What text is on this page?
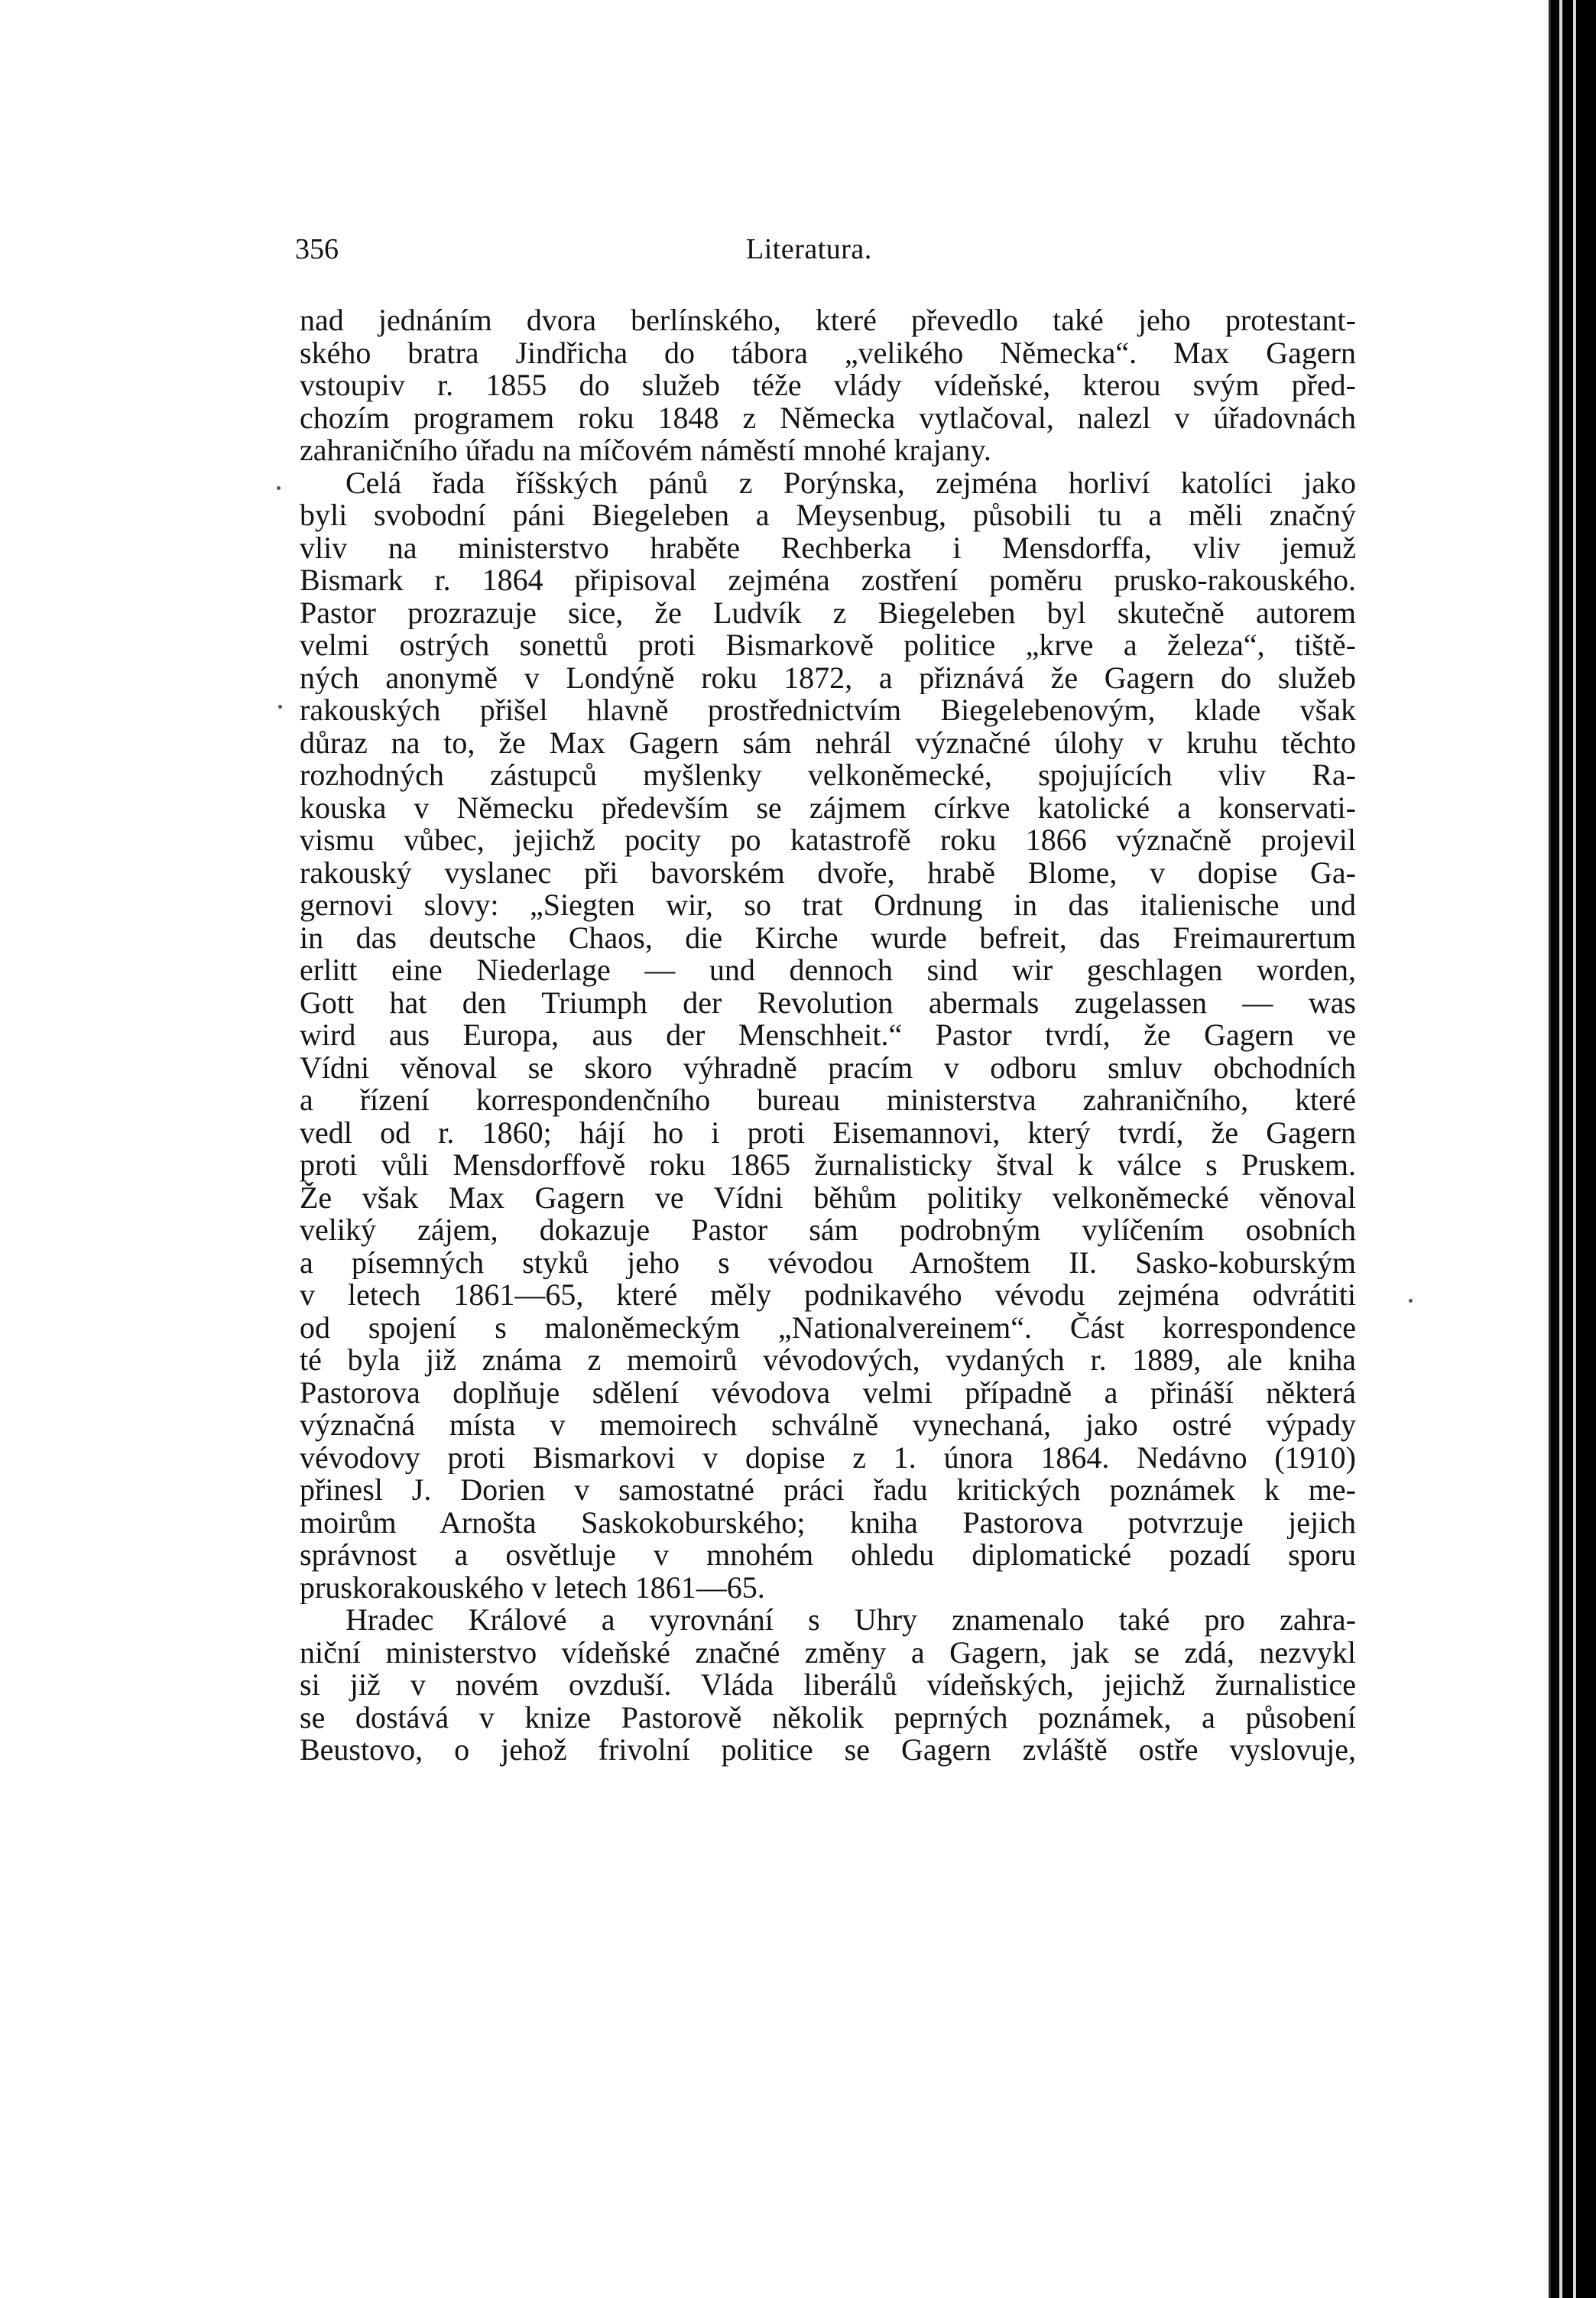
356	Literatura.
nad jednáním dvora berlínského, které převedlo také jeho protestant-
ského bratra Jindřicha do tábora „velikého Německa“. Max Gagern
vstoupiv r. 1855 do služeb téže vlády vídeňské, kterou svým před-
chozím programem roku 1848 z Německa vytlačoval, nalezl v úřadovnách
zahraničního úřadu na míčovém náměstí mnohé krajany.
Celá řada říšských pánů z Porýnska, zejména horliví katolíci jako
byli svobodní páni Biegeleben a Meysenbug, působili tu a měli značný
vliv na ministerstvo hraběte Rechberka i Mensdorffa, vliv jemuž
Bismark r. 1864 připisoval zejména zostření poměru prusko-rakouského.
Pastor prozrazuje sice, že Ludvík z Biegeleben byl skutečně autorem
velmi ostrých sonettů proti Bismarkově politice „krve a železa“, tiště-
ných anonymě v Londýně roku 1872, a přiznává že Gagern do služeb
rakouských přišel hlavně prostřednictvím Biegelebenovým, klade však
důraz na to, že Max Gagern sám nehrál význačné úlohy v kruhu těchto
rozhodných zástupců myšlenky velkoněmecké, spojujících vliv Ra-
kouska v Německu především se zájmem církve katolické a konservati-
vismu vůbec, jejichž pocity po katastrofě roku 1866 význačně projevil
rakouský vyslanec při bavorském dvoře, hrabě Blome, v dopise Ga-
gernovi slovy: „Siegten wir, so trat Ordnung in das italienische und
in das deutsche Chaos, die Kirche wurde befreit, das Freimaurertum
erlitt eine Niederlage — und dennoch sind wir geschlagen worden,
Gott hat den Triumph der Revolution abermals zugelassen — was
wird aus Europa, aus der Menschheit.“ Pastor tvrdí, že Gagern ve
Vídni věnoval se skoro výhradně pracím v odboru smluv obchodních
a řízení korrespondenčního bureau ministerstva zahraničního, které
vedl od r. 1860; hájí ho i proti Eisemannovi, který tvrdí, že Gagern
proti vůli Mensdorffově roku 1865 žurnalisticky štval k válce s Pruskem.
Že však Max Gagern ve Vídni běhům politiky velkoněmecké věnoval
veliký zájem, dokazuje Pastor sám podrobným vylíčením osobních
a písemných styků jeho s vévodou Arnoštem II. Sasko-koburským
v letech 1861—65, které měly podnikavého vévodu zejména odvrátiti
od spojení s maloněmeckým „Nationalvereinem“. Část korrespondence
té byla již známa z memoirů vévodových, vydaných r. 1889, ale kniha
Pastorova doplňuje sdělení vévodova velmi případně a přináší některá
význačná místa v memoirech schválně vynechaná, jako ostré výpady
vévodovy proti Bismarkovi v dopise z 1. února 1864. Nedávno (1910)
přinesl J. Dorien v samostatné práci řadu kritických poznámek k me-
moirům Arnošta Saskokoburského; kniha Pastorova potvrzuje jejich
správnost a osvětluje v mnohém ohledu diplomatické pozadí sporu
pruskorakouského v letech 1861—65.
Hradec Králové a vyrovnání s Uhry znamenalo také pro zahra-
niční ministerstvo vídeňské značné změny a Gagern, jak se zdá, nezvykl
si již v novém ovzduší. Vláda liberálů vídeňských, jejichž žurnalistice
se dostává v knize Pastorově několik peprných poznámek, a působení
Beustovo, o jehož frivolní politice se Gagern zvláště ostře vyslovuje,
